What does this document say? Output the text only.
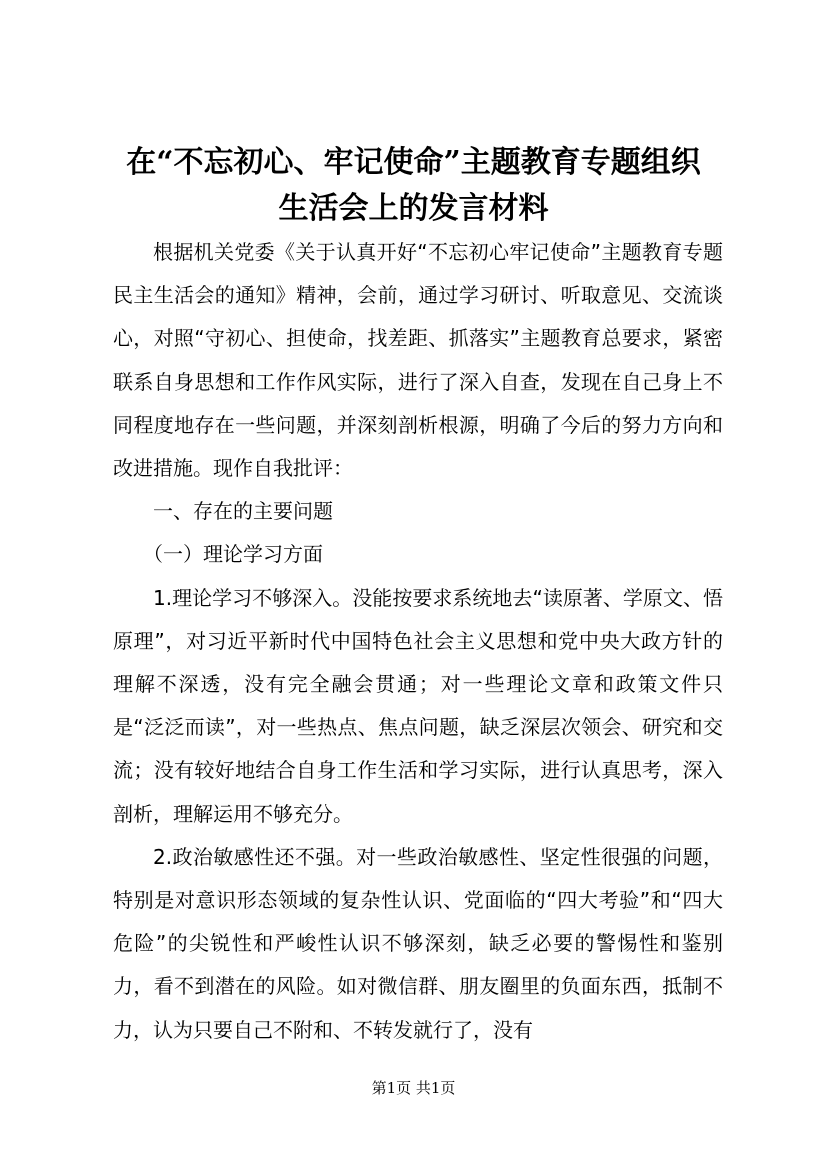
在“不忘初心、牢记使命”主题教育专题组织
生活会上的发言材料

根据机关党委《关于认真开好“不忘初心牢记使命”主题教育专题民主生活会的通知》精神，会前，通过学习研讨、听取意见、交流谈心，对照“守初心、担使命，找差距、抓落实”主题教育总要求，紧密联系自身思想和工作作风实际，进行了深入自查，发现在自己身上不同程度地存在一些问题，并深刻剖析根源，明确了今后的努力方向和改进措施。现作自我批评：

一、存在的主要问题

（一）理论学习方面

1.理论学习不够深入。没能按要求系统地去“读原著、学原文、悟原理”，对习近平新时代中国特色社会主义思想和党中央大政方针的理解不深透，没有完全融会贯通；对一些理论文章和政策文件只是“泛泛而读”，对一些热点、焦点问题，缺乏深层次领会、研究和交流；没有较好地结合自身工作生活和学习实际，进行认真思考，深入剖析，理解运用不够充分。

2.政治敏感性还不强。对一些政治敏感性、坚定性很强的问题，特别是对意识形态领域的复杂性认识、党面临的“四大考验”和“四大危险”的尖锐性和严峻性认识不够深刻，缺乏必要的警惕性和鉴别力，看不到潜在的风险。如对微信群、朋友圈里的负面东西，抵制不力，认为只要自己不附和、不转发就行了，没有

第1页 共1页
